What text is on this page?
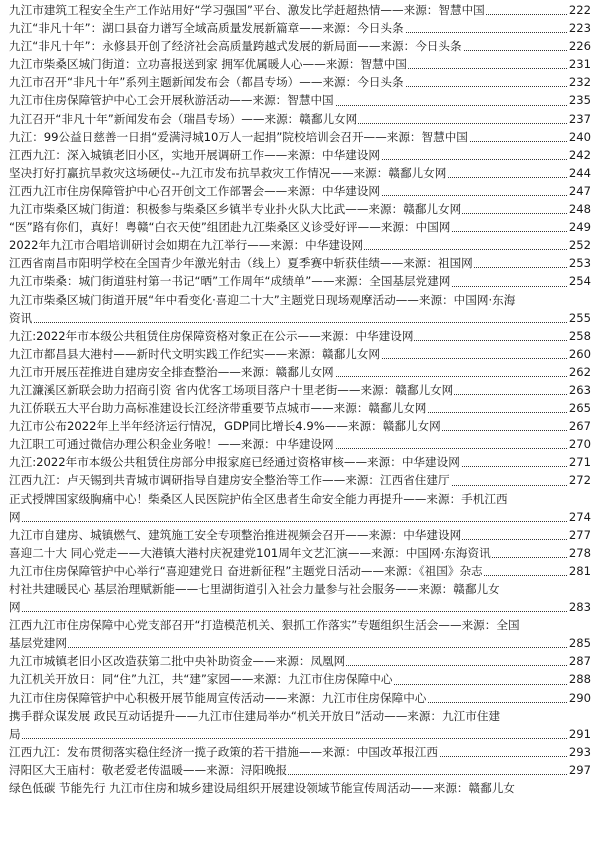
九江市建筑工程安全生产工作站用好“学习强国”平台、激发比学赶超热情——来源：智慧中国	222
九江“非凡十年”：湖口县奋力谱写全域高质量发展新篇章——来源：今日头条	223
九江“非凡十年”：永修县开创了经济社会高质量跨越式发展的新局面——来源：今日头条	226
九江市柴桑区城门街道：立功喜报送到家 拥军优属暖人心——来源：智慧中国	231
九江市召开“非凡十年”系列主题新闻发布会（都昌专场）——来源：今日头条	232
九江市住房保障管护中心工会开展秋游活动——来源：智慧中国	235
九江召开“非凡十年”新闻发布会（瑞昌专场）——来源：赣鄱儿女网	237
九江：99公益日慈善一日捐“爱满浔城10万人一起捐”院校培训会召开——来源：智慧中国	240
江西九江：深入城镇老旧小区，实地开展调研工作——来源：中华建设网	242
坚决打好打赢抗旱救灾这场硬仗--九江市发布抗旱救灾工作情况——来源：赣鄱儿女网	244
江西九江市住房保障管护中心召开创文工作部署会——来源：中华建设网	247
九江市柴桑区城门街道：积极参与柴桑区乡镇半专业扑火队大比武——来源：赣鄱儿女网	248
“医”路有你们，真好！粤赣“白衣天使”组团赴九江柴桑区义诊受好评——来源：中国网	249
2022年九江市合唱培训研讨会如期在九江举行——来源：中华建设网	252
江西省南昌市阳明学校在全国青少年激光射击（线上）夏季赛中斩获佳绩——来源：祖国网	253
九江市柴桑：城门街道驻村第一书记“晒”工作周年“成绩单”——来源：全国基层党建网	254
九江市柴桑区城门街道开展“年中看变化·喜迎二十大”主题党日现场观摩活动——来源：中国网·东海
资讯	255
九江:2022年市本级公共租赁住房保障资格对象正在公示——来源：中华建设网	258
九江市都昌县大港村——新时代文明实践工作纪实——来源：赣鄱儿女网	260
九江市开展压茬推进自建房安全排查整治——来源：赣鄱儿女网	262
九江濂溪区新联会助力招商引资 省内优客工场项目落户十里老街——来源：赣鄱儿女网	263
九江侨联五大平台助力高标准建设长江经济带重要节点城市——来源：赣鄱儿女网	265
九江市公布2022年上半年经济运行情况，GDP同比增长4.9%——来源：赣鄱儿女网	267
九江职工可通过微信办理公积金业务啦！——来源：中华建设网	270
九江:2022年市本级公共租赁住房部分申报家庭已经通过资格审核——来源：中华建设网	271
江西九江：卢天锡到共青城市调研指导自建房安全整治等工作——来源：江西省住建厅	272
正式授牌国家级胸痛中心！柴桑区人民医院护佑全区患者生命安全能力再提升——来源：手机江西
网	274
九江市自建房、城镇燃气、建筑施工安全专项整治推进视频会召开——来源：中华建设网	277
喜迎二十大 同心党走——大港镇大港村庆祝建党101周年文艺汇演——来源：中国网·东海资讯	278
九江市住房保障管护中心举行“喜迎建党日 奋进新征程”主题党日活动——来源：《祖国》杂志	281
村社共建暖民心 基层治理赋新能——七里湖街道引入社会力量参与社会服务——来源：赣鄱儿女
网	283
江西九江市住房保障中心党支部召开“打造模范机关、狠抓工作落实”专题组织生活会——来源：全国
基层党建网	285
九江市城镇老旧小区改造获第二批中央补助资金——来源：凤凰网	287
九江机关开放日：同“住”九江，共“建”家园——来源：九江市住房保障中心	288
九江市住房保障管护中心积极开展节能周宣传活动——来源：九江市住房保障中心	290
携手群众谋发展 政民互动话提升——九江市住建局举办“机关开放日”活动——来源：九江市住建
局	291
江西九江：发布贯彻落实稳住经济一揽子政策的若干措施——来源：中国改革报江西	293
浔阳区大王庙村：敬老爱老传温暖——来源：浔阳晚报	297
绿色低碳 节能先行 九江市住房和城乡建设局组织开展建设领域节能宣传周活动——来源：赣鄱儿女
